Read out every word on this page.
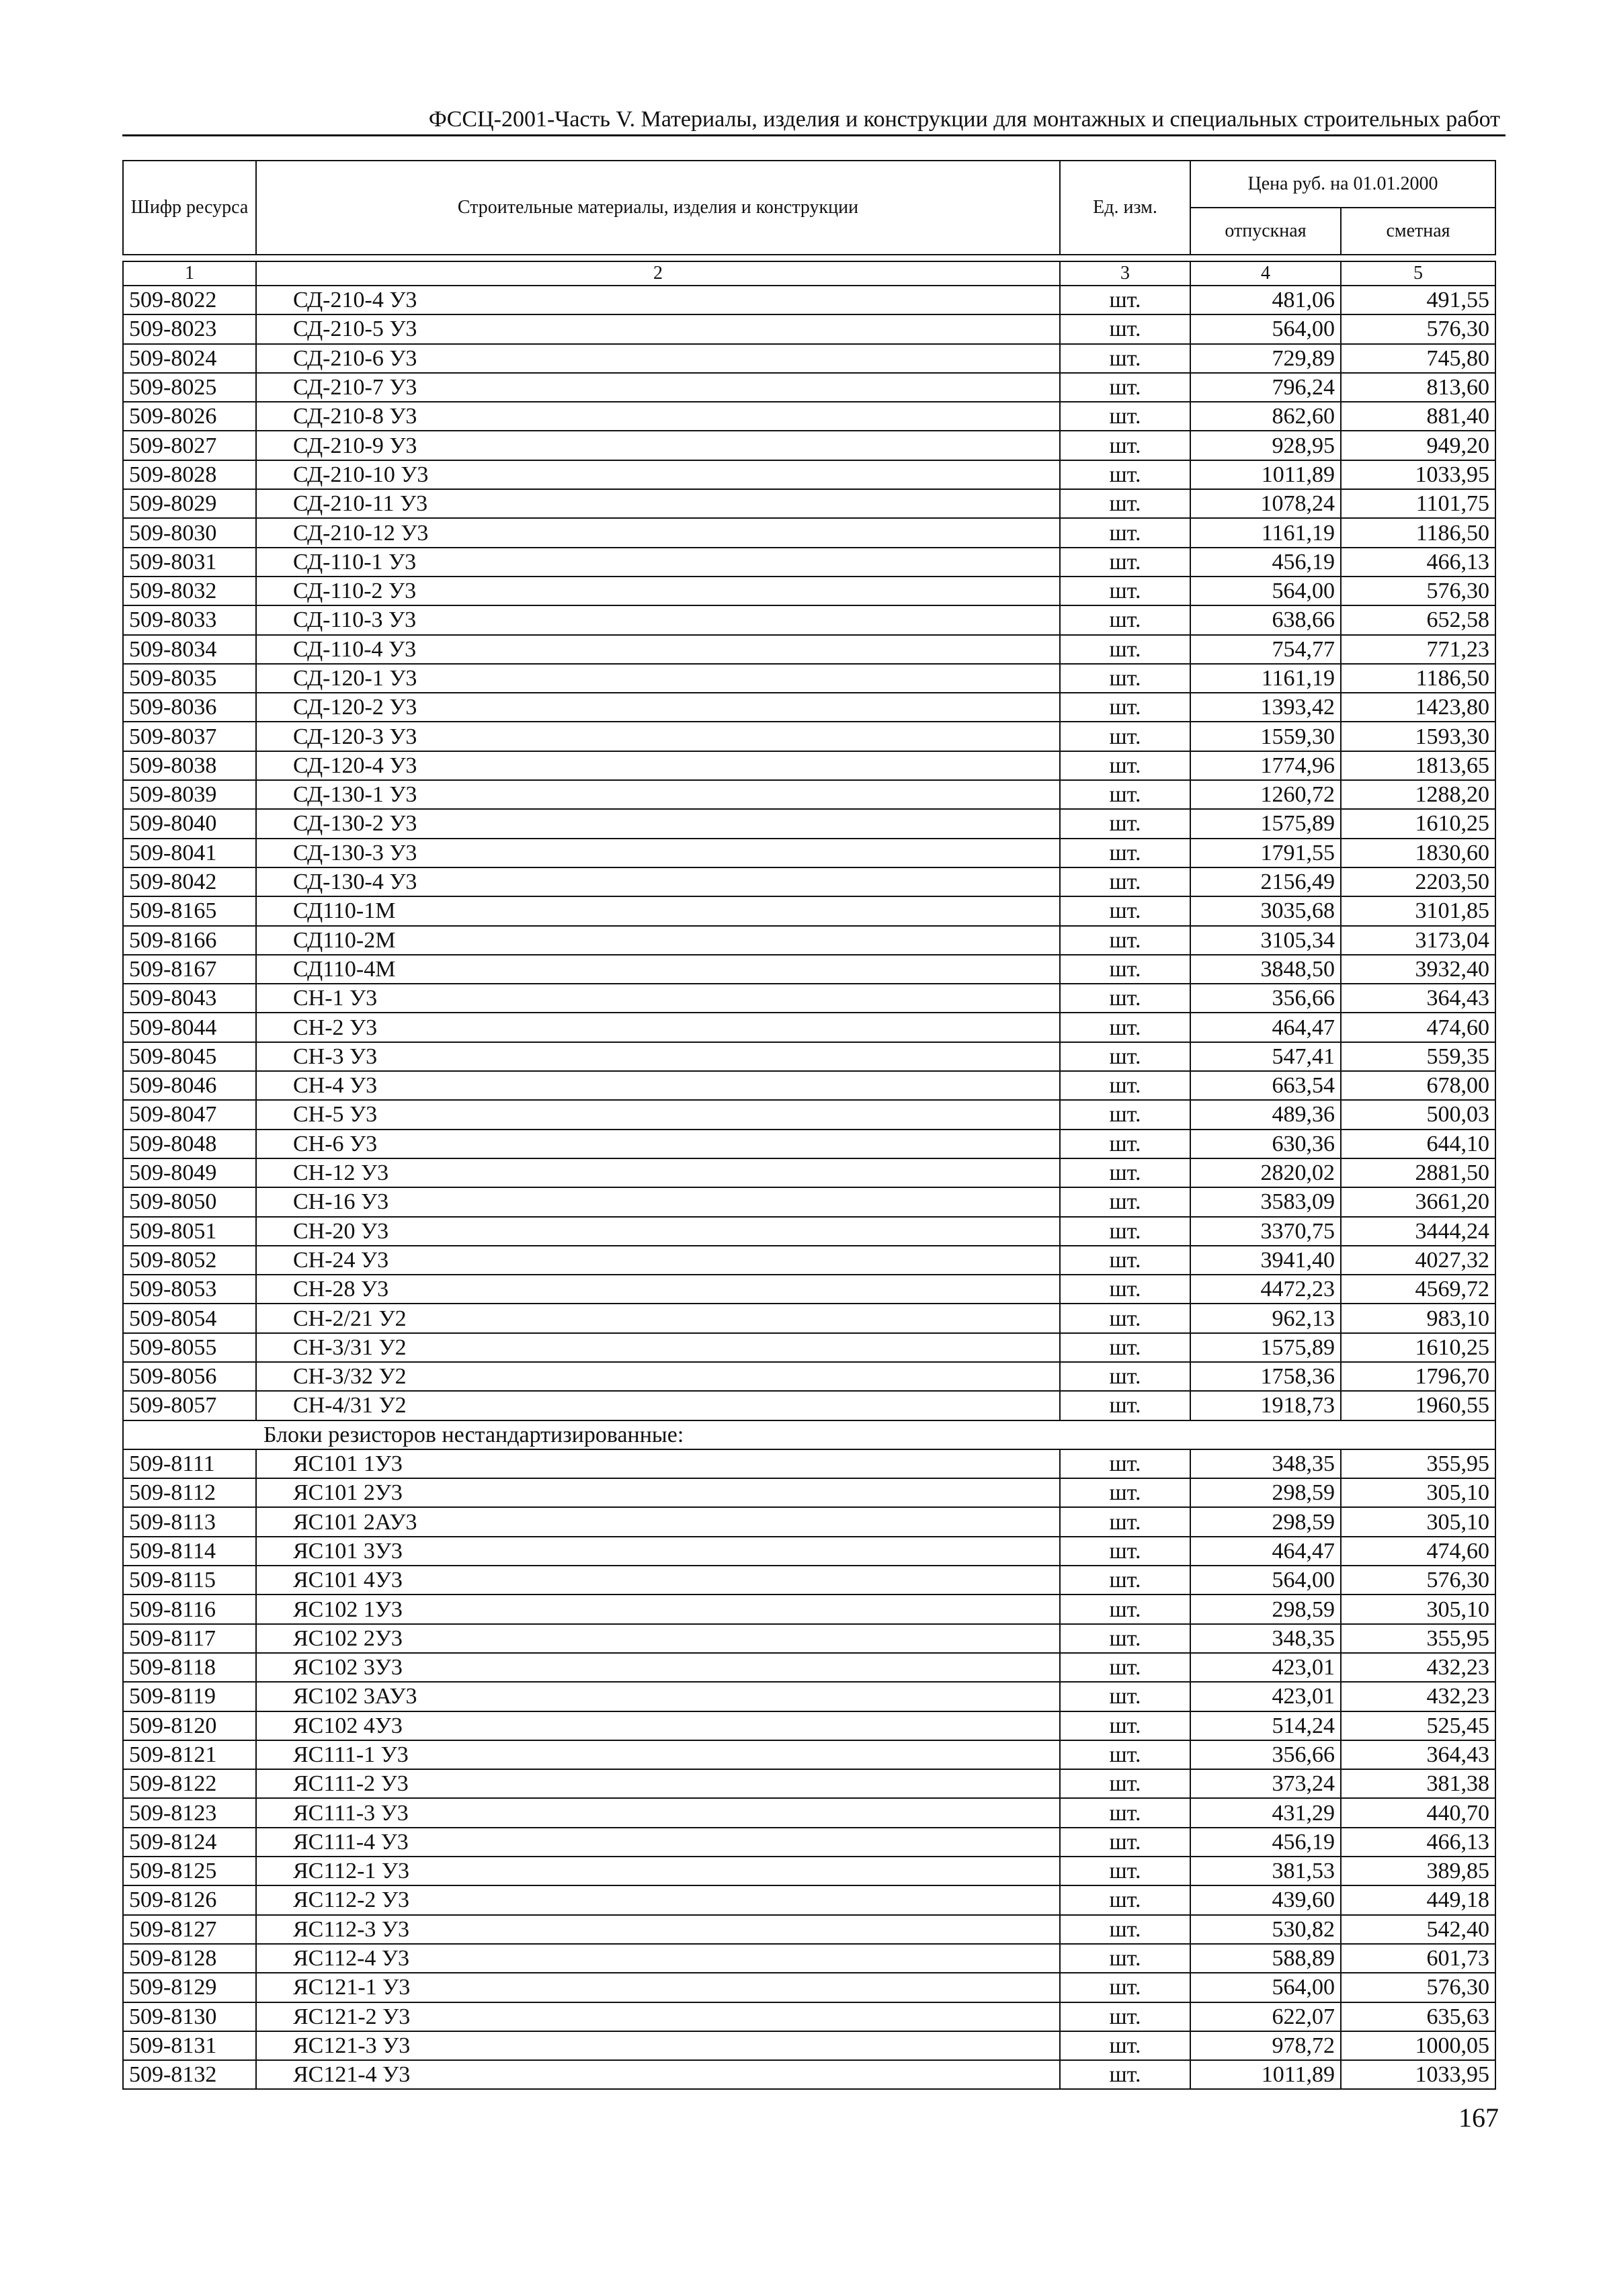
ФССЦ-2001-Часть V. Материалы, изделия и конструкции для монтажных и специальных строительных работ
Шифр ресурса	Строительные материалы, изделия и конструкции	Ед. изм.	Цена руб. на 01.01.2000	
			отпускная	сметная

1	2	3	4	5
509-8022	СД-210-4 У3	шт.	481,06	491,55
509-8023	СД-210-5 У3	шт.	564,00	576,30
509-8024	СД-210-6 У3	шт.	729,89	745,80
509-8025	СД-210-7 У3	шт.	796,24	813,60
509-8026	СД-210-8 У3	шт.	862,60	881,40
509-8027	СД-210-9 У3	шт.	928,95	949,20
509-8028	СД-210-10 У3	шт.	1011,89	1033,95
509-8029	СД-210-11 У3	шт.	1078,24	1101,75
509-8030	СД-210-12 У3	шт.	1161,19	1186,50
509-8031	СД-110-1 У3	шт.	456,19	466,13
509-8032	СД-110-2 У3	шт.	564,00	576,30
509-8033	СД-110-3 У3	шт.	638,66	652,58
509-8034	СД-110-4 У3	шт.	754,77	771,23
509-8035	СД-120-1 У3	шт.	1161,19	1186,50
509-8036	СД-120-2 У3	шт.	1393,42	1423,80
509-8037	СД-120-3 У3	шт.	1559,30	1593,30
509-8038	СД-120-4 У3	шт.	1774,96	1813,65
509-8039	СД-130-1 У3	шт.	1260,72	1288,20
509-8040	СД-130-2 У3	шт.	1575,89	1610,25
509-8041	СД-130-3 У3	шт.	1791,55	1830,60
509-8042	СД-130-4 У3	шт.	2156,49	2203,50
509-8165	СД110-1М	шт.	3035,68	3101,85
509-8166	СД110-2М	шт.	3105,34	3173,04
509-8167	СД110-4М	шт.	3848,50	3932,40
509-8043	СН-1 У3	шт.	356,66	364,43
509-8044	СН-2 У3	шт.	464,47	474,60
509-8045	СН-3 У3	шт.	547,41	559,35
509-8046	СН-4 У3	шт.	663,54	678,00
509-8047	СН-5 У3	шт.	489,36	500,03
509-8048	СН-6 У3	шт.	630,36	644,10
509-8049	СН-12 У3	шт.	2820,02	2881,50
509-8050	СН-16 У3	шт.	3583,09	3661,20
509-8051	СН-20 У3	шт.	3370,75	3444,24
509-8052	СН-24 У3	шт.	3941,40	4027,32
509-8053	СН-28 У3	шт.	4472,23	4569,72
509-8054	СН-2/21 У2	шт.	962,13	983,10
509-8055	СН-3/31 У2	шт.	1575,89	1610,25
509-8056	СН-3/32 У2	шт.	1758,36	1796,70
509-8057	СН-4/31 У2	шт.	1918,73	1960,55
Блоки резисторов нестандартизированные:				
509-8111	ЯС101 1У3	шт.	348,35	355,95
509-8112	ЯС101 2У3	шт.	298,59	305,10
509-8113	ЯС101 2АУ3	шт.	298,59	305,10
509-8114	ЯС101 3У3	шт.	464,47	474,60
509-8115	ЯС101 4У3	шт.	564,00	576,30
509-8116	ЯС102 1У3	шт.	298,59	305,10
509-8117	ЯС102 2У3	шт.	348,35	355,95
509-8118	ЯС102 3У3	шт.	423,01	432,23
509-8119	ЯС102 3АУ3	шт.	423,01	432,23
509-8120	ЯС102 4У3	шт.	514,24	525,45
509-8121	ЯС111-1 У3	шт.	356,66	364,43
509-8122	ЯС111-2 У3	шт.	373,24	381,38
509-8123	ЯС111-3 У3	шт.	431,29	440,70
509-8124	ЯС111-4 У3	шт.	456,19	466,13
509-8125	ЯС112-1 У3	шт.	381,53	389,85
509-8126	ЯС112-2 У3	шт.	439,60	449,18
509-8127	ЯС112-3 У3	шт.	530,82	542,40
509-8128	ЯС112-4 У3	шт.	588,89	601,73
509-8129	ЯС121-1 У3	шт.	564,00	576,30
509-8130	ЯС121-2 У3	шт.	622,07	635,63
509-8131	ЯС121-3 У3	шт.	978,72	1000,05
509-8132	ЯС121-4 У3	шт.	1011,89	1033,95
167
